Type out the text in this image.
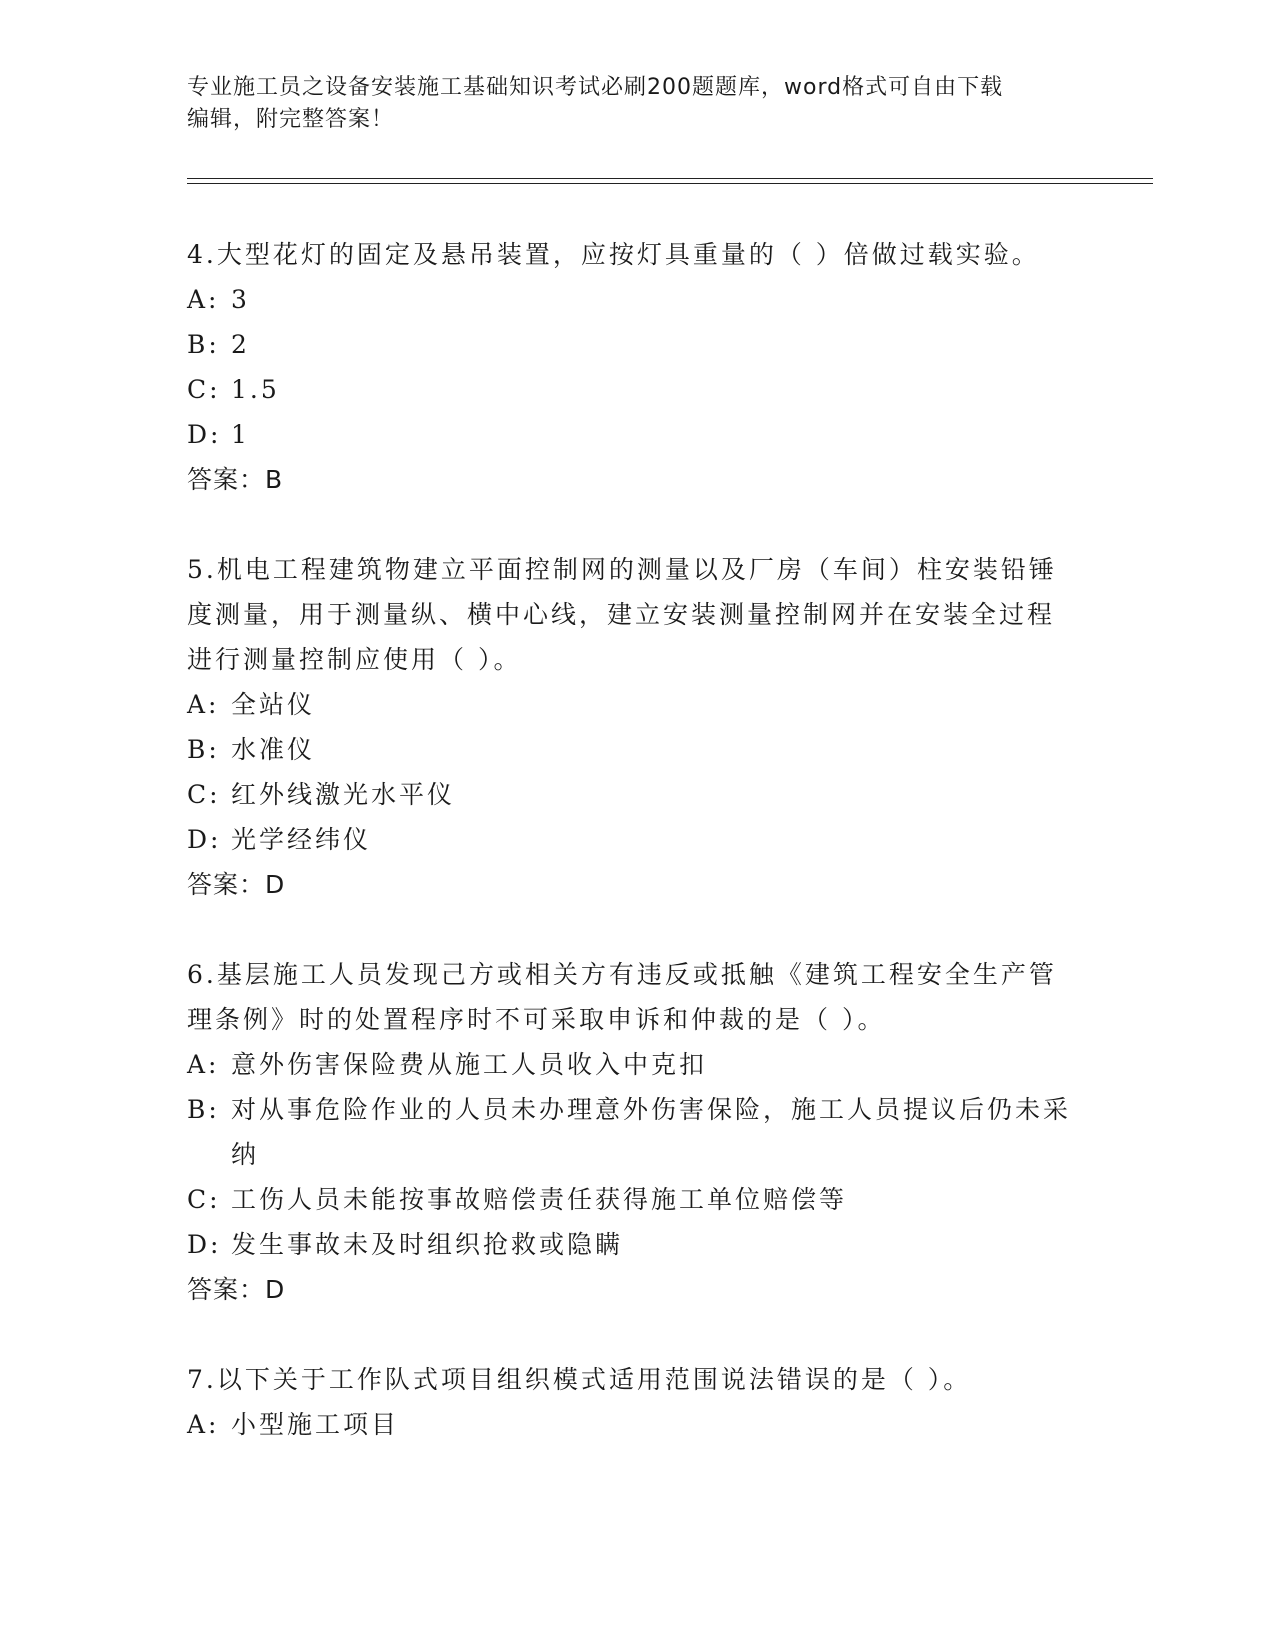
专业施工员之设备安装施工基础知识考试必刷200题题库，word格式可自由下载
编辑，附完整答案！
4.大型花灯的固定及悬吊装置，应按灯具重量的（ ）倍做过载实验。
A: 3
B: 2
C: 1.5
D: 1
答案：B
5.机电工程建筑物建立平面控制网的测量以及厂房（车间）柱安装铅锤度测量，用于测量纵、横中心线，建立安装测量控制网并在安装全过程进行测量控制应使用（ ）。
A: 全站仪
B: 水准仪
C: 红外线激光水平仪
D: 光学经纬仪
答案：D
6.基层施工人员发现己方或相关方有违反或抵触《建筑工程安全生产管理条例》时的处置程序时不可采取申诉和仲裁的是（ ）。
A: 意外伤害保险费从施工人员收入中克扣
B: 对从事危险作业的人员未办理意外伤害保险，施工人员提议后仍未采纳
C: 工伤人员未能按事故赔偿责任获得施工单位赔偿等
D: 发生事故未及时组织抢救或隐瞒
答案：D
7.以下关于工作队式项目组织模式适用范围说法错误的是（ ）。
A: 小型施工项目
